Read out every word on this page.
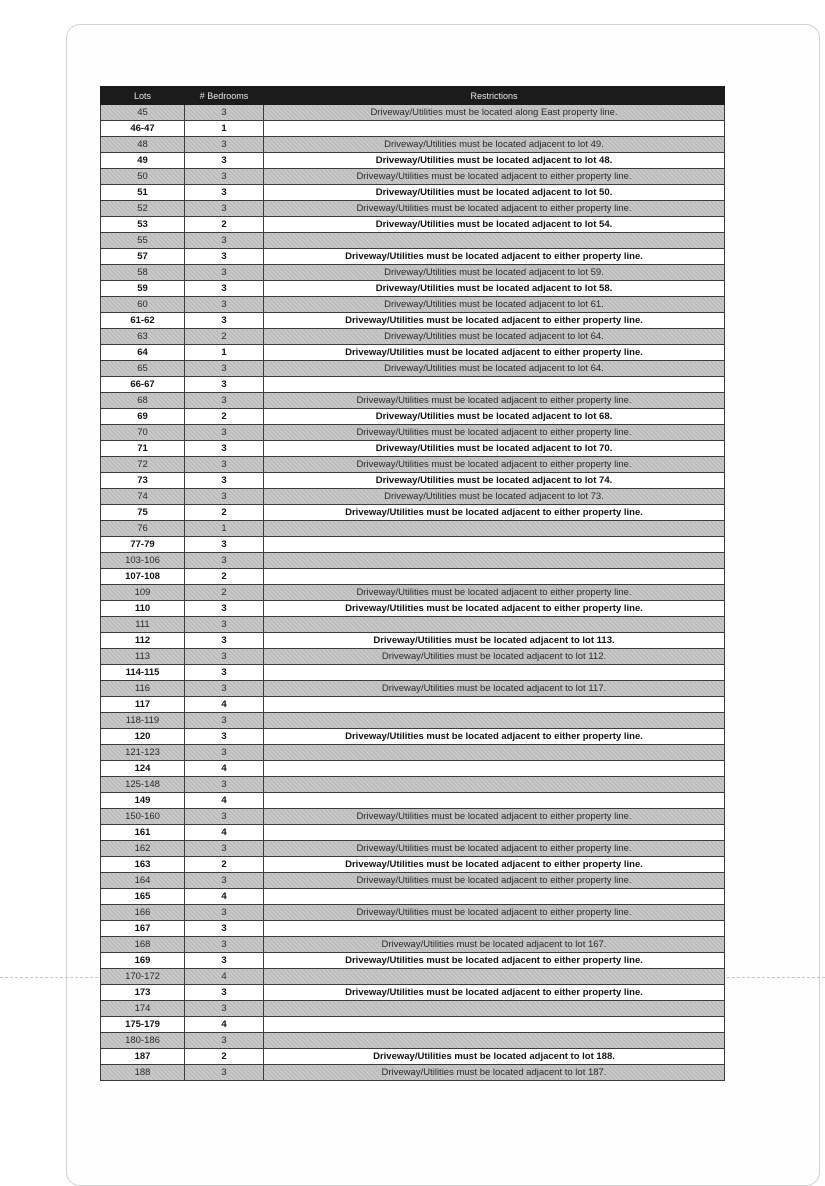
Lots	# Bedrooms	Restrictions
45	3	Driveway/Utilities must be located along East property line.
46-47	1	
48	3	Driveway/Utilities must be located adjacent to lot 49.
49	3	Driveway/Utilities must be located adjacent to lot 48.
50	3	Driveway/Utilities must be located adjacent to either property line.
51	3	Driveway/Utilities must be located adjacent to lot 50.
52	3	Driveway/Utilities must be located adjacent to either property line.
53	2	Driveway/Utilities must be located adjacent to lot 54.
55	3	
57	3	Driveway/Utilities must be located adjacent to either property line.
58	3	Driveway/Utilities must be located adjacent to lot 59.
59	3	Driveway/Utilities must be located adjacent to lot 58.
60	3	Driveway/Utilities must be located adjacent to lot 61.
61-62	3	Driveway/Utilities must be located adjacent to either property line.
63	2	Driveway/Utilities must be located adjacent to lot 64.
64	1	Driveway/Utilities must be located adjacent to either property line.
65	3	Driveway/Utilities must be located adjacent to lot 64.
66-67	3	
68	3	Driveway/Utilities must be located adjacent to either property line.
69	2	Driveway/Utilities must be located adjacent to lot 68.
70	3	Driveway/Utilities must be located adjacent to either property line.
71	3	Driveway/Utilities must be located adjacent to lot 70.
72	3	Driveway/Utilities must be located adjacent to either property line.
73	3	Driveway/Utilities must be located adjacent to lot 74.
74	3	Driveway/Utilities must be located adjacent to lot 73.
75	2	Driveway/Utilities must be located adjacent to either property line.
76	1	
77-79	3	
103-106	3	
107-108	2	
109	2	Driveway/Utilities must be located adjacent to either property line.
110	3	Driveway/Utilities must be located adjacent to either property line.
111	3	
112	3	Driveway/Utilities must be located adjacent to lot 113.
113	3	Driveway/Utilities must be located adjacent to lot 112.
114-115	3	
116	3	Driveway/Utilities must be located adjacent to lot 117.
117	4	
118-119	3	
120	3	Driveway/Utilities must be located adjacent to either property line.
121-123	3	
124	4	
125-148	3	
149	4	
150-160	3	Driveway/Utilities must be located adjacent to either property line.
161	4	
162	3	Driveway/Utilities must be located adjacent to either property line.
163	2	Driveway/Utilities must be located adjacent to either property line.
164	3	Driveway/Utilities must be located adjacent to either property line.
165	4	
166	3	Driveway/Utilities must be located adjacent to either property line.
167	3	
168	3	Driveway/Utilities must be located adjacent to lot 167.
169	3	Driveway/Utilities must be located adjacent to either property line.
170-172	4	
173	3	Driveway/Utilities must be located adjacent to either property line.
174	3	
175-179	4	
180-186	3	
187	2	Driveway/Utilities must be located adjacent to lot 188.
188	3	Driveway/Utilities must be located adjacent to lot 187.
